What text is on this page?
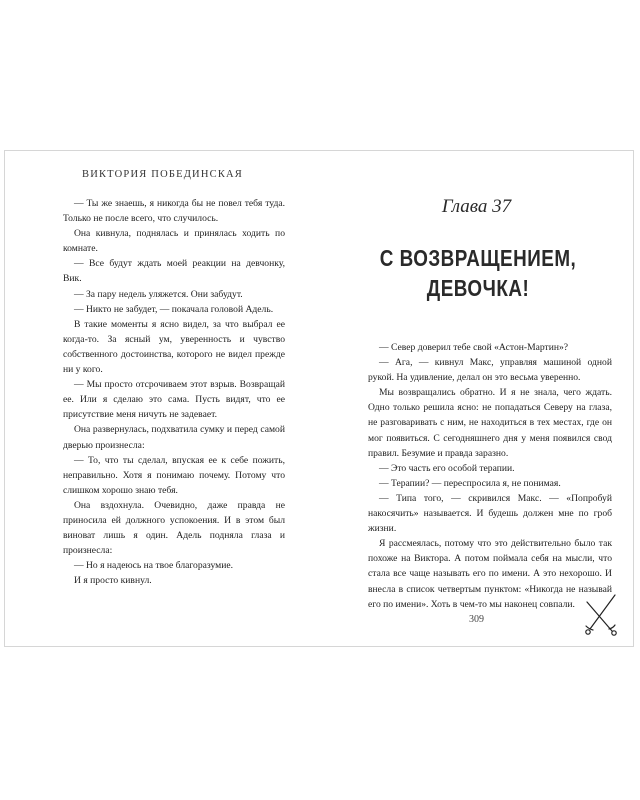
ВИКТОРИЯ ПОБЕДИНСКАЯ

— Ты же знаешь, я никогда бы не повел тебя туда. Только не после всего, что случилось.

Она кивнула, поднялась и принялась ходить по комнате.

— Все будут ждать моей реакции на девчонку, Вик.

— За пару недель уляжется. Они забудут.

— Никто не забудет, — покачала головой Адель.

В такие моменты я ясно видел, за что выбрал ее когда-то. За ясный ум, уверенность и чувство собственного достоинства, которого не видел прежде ни у кого.

— Мы просто отсрочиваем этот взрыв. Возвращай ее. Или я сделаю это сама. Пусть видят, что ее присутствие меня ничуть не задевает.

Она развернулась, подхватила сумку и перед самой дверью произнесла:

— То, что ты сделал, впуская ее к себе пожить, неправильно. Хотя я понимаю почему. Потому что слишком хорошо знаю тебя.

Она вздохнула. Очевидно, даже правда не приносила ей должного успокоения. И в этом был виноват лишь я один. Адель подняла глаза и произнесла:

— Но я надеюсь на твое благоразумие.

И я просто кивнул.

Глава 37
С ВОЗВРАЩЕНИЕМ,
ДЕВОЧКА!

— Север доверил тебе свой «Астон-Мартин»?

— Ага, — кивнул Макс, управляя машиной одной рукой. На удивление, делал он это весьма уверенно.

Мы возвращались обратно. И я не знала, чего ждать. Одно только решила ясно: не попадаться Северу на глаза, не разговаривать с ним, не находиться в тех местах, где он мог появиться. С сегодняшнего дня у меня появился свод правил. Безумие и правда заразно.

— Это часть его особой терапии.

— Терапии? — переспросила я, не понимая.

— Типа того, — скривился Макс. — «Попробуй накосячить» называется. И будешь должен мне по гроб жизни.

Я рассмеялась, потому что это действительно было так похоже на Виктора. А потом поймала себя на мысли, что стала все чаще называть его по имени. А это нехорошо. И внесла в список четвертым пунктом: «Никогда не называй его по имени». Хоть в чем-то мы наконец совпали.

309
